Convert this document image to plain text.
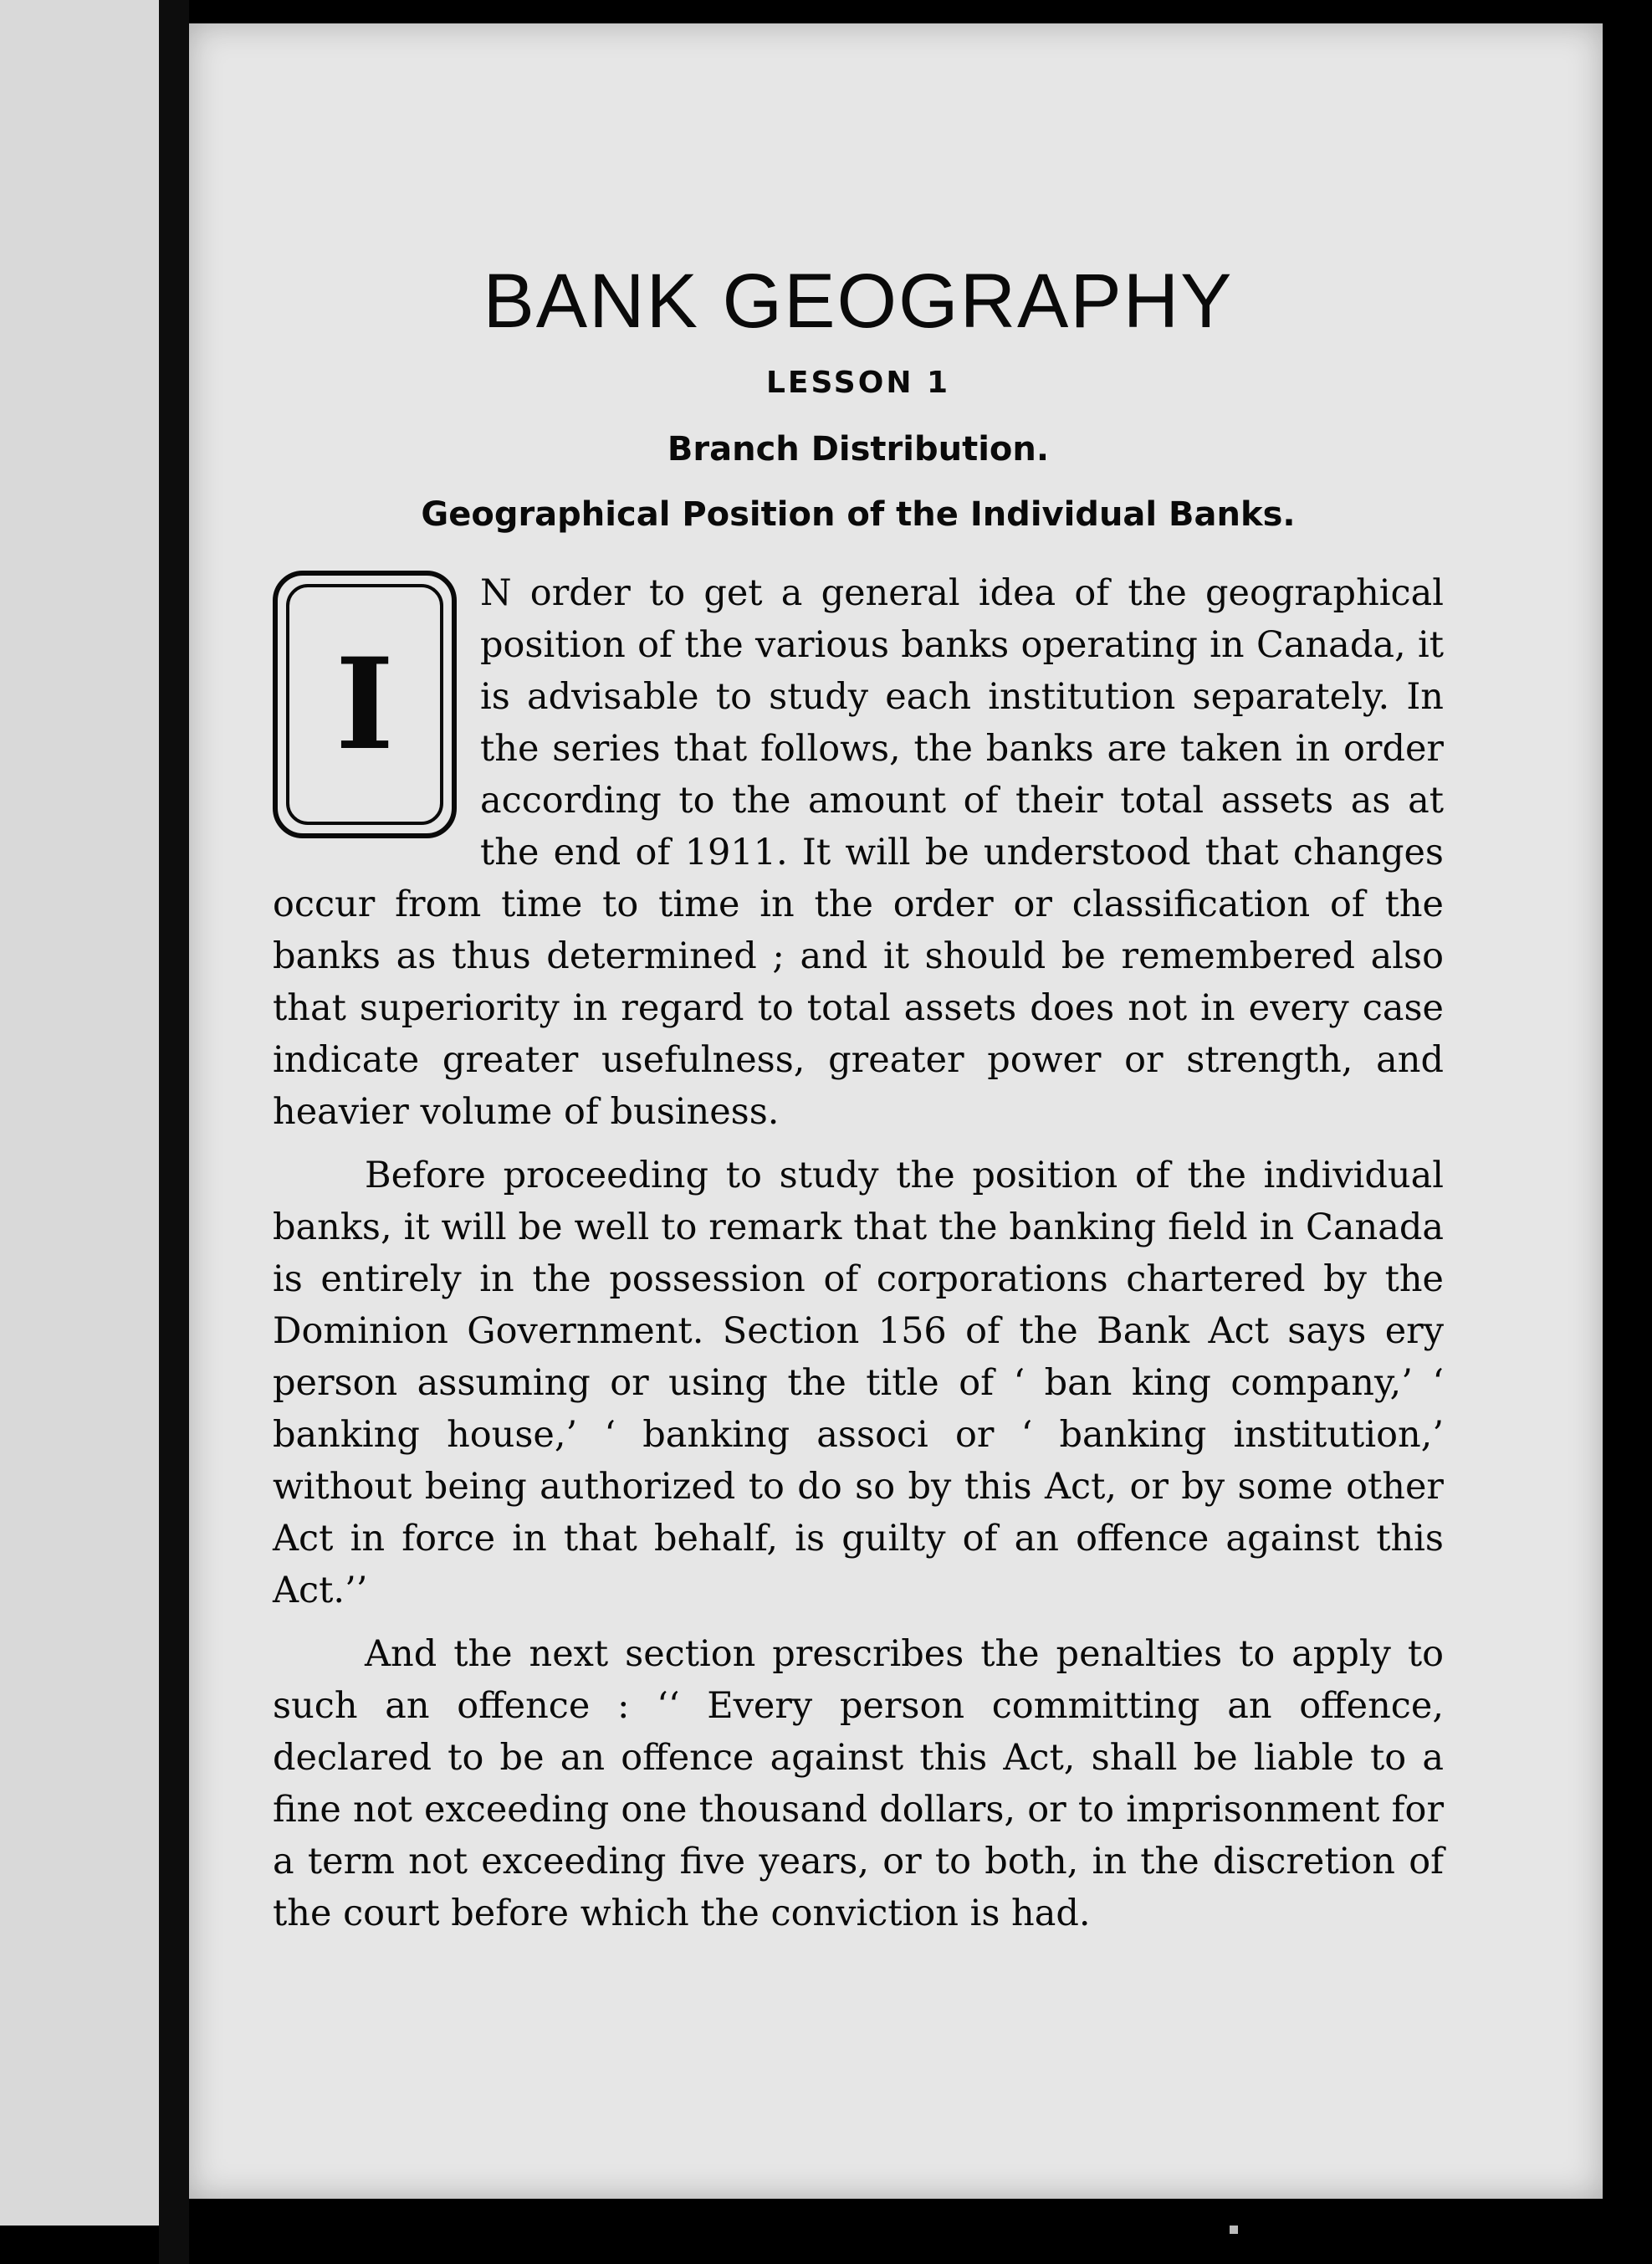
BANK GEOGRAPHY
LESSON 1
Branch Distribution.
Geographical Position of the Individual Banks.
I

N order to get a general idea of the geographical position of the various banks operating in Canada, it is advisable to study each institution separately. In the series that follows, the banks are taken in order according to the amount of their total assets as at the end of 1911. It will be understood that changes occur from time to time in the order or classification of the banks as thus determined ; and it should be remembered also that superiority in regard to total assets does not in every case indicate greater usefulness, greater power or strength, and heavier volume of business.

Before proceeding to study the position of the individual banks, it will be well to remark that the banking field in Canada is entirely in the possession of corporations chartered by the Dominion Government. Section 156 of the Bank Act says ery person assuming or using the title of ‘ ban king company,’ ‘ banking house,’ ‘ banking associ or ‘ banking institution,’ without being authorized to do so by this Act, or by some other Act in force in that behalf, is guilty of an offence against this Act.’’

And the next section prescribes the penalties to apply to such an offence : ‘‘ Every person committing an offence, declared to be an offence against this Act, shall be liable to a fine not exceeding one thousand dollars, or to imprisonment for a term not exceeding five years, or to both, in the discretion of the court before which the conviction is had.
